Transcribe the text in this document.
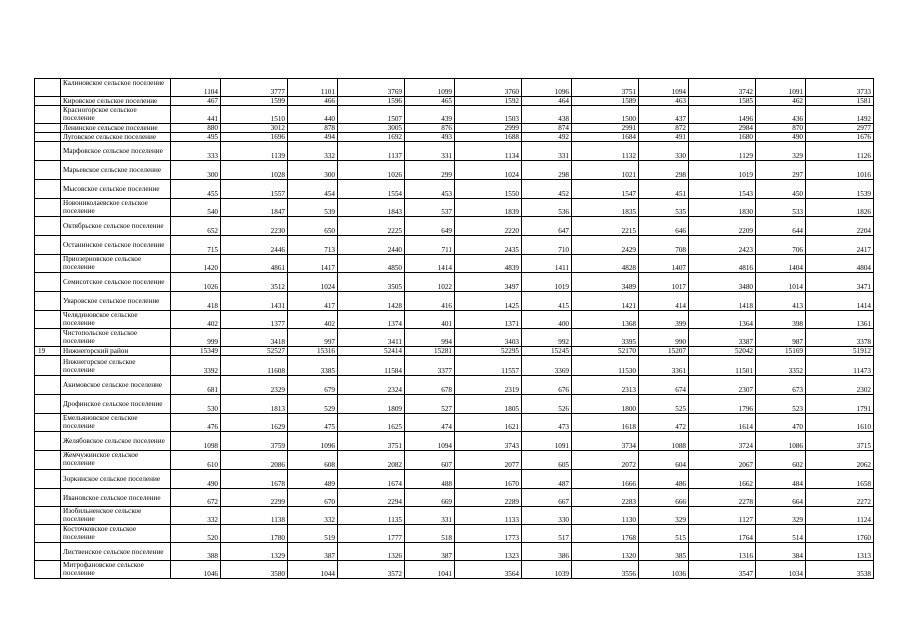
	Калиновское сельское поселение	1104	3777	1101	3769	1099	3760	1096	3751	1094	3742	1091	3733
	Кировское сельское поселение	467	1599	466	1596	465	1592	464	1589	463	1585	462	1581
	Красногорское сельское поселение	441	1510	440	1507	439	1503	438	1500	437	1496	436	1492
	Ленинское сельское поселение	880	3012	878	3005	876	2999	874	2991	872	2984	870	2977
	Луговское сельское поселение	495	1696	494	1692	493	1688	492	1684	491	1680	490	1676
	Марфовское сельское поселение	333	1139	332	1137	331	1134	331	1132	330	1129	329	1126
	Марьевское сельское поселение	300	1028	300	1026	299	1024	298	1021	298	1019	297	1016
	Мысовское сельское поселение	455	1557	454	1554	453	1550	452	1547	451	1543	450	1539
	Новониколаевское сельское поселение	540	1847	539	1843	537	1839	536	1835	535	1830	533	1826
	Октябрьское сельское поселение	652	2230	650	2225	649	2220	647	2215	646	2209	644	2204
	Останинское сельское поселение	715	2446	713	2440	711	2435	710	2429	708	2423	706	2417
	Приозерновское сельское поселение	1420	4861	1417	4850	1414	4839	1411	4828	1407	4816	1404	4804
	Семисотское сельское поселение	1026	3512	1024	3505	1022	3497	1019	3489	1017	3480	1014	3471
	Уваровское сельское поселение	418	1431	417	1428	416	1425	415	1421	414	1418	413	1414
	Челядиновское сельское поселение	402	1377	402	1374	401	1371	400	1368	399	1364	398	1361
	Чистопольское сельское поселение	999	3418	997	3411	994	3403	992	3395	990	3387	987	3378
19	Нижнегорский район	15349	52527	15316	52414	15281	52295	15245	52170	15207	52042	15169	51912
	Нижнегорское сельское поселение	3392	11608	3385	11584	3377	11557	3369	11530	3361	11501	3352	11473
	Акимовское сельское поселение	681	2329	679	2324	678	2319	676	2313	674	2307	673	2302
	Дрофинское сельское поселение	530	1813	529	1809	527	1805	526	1800	525	1796	523	1791
	Емельяновское сельское поселение	476	1629	475	1625	474	1621	473	1618	472	1614	470	1610
	Желябовское сельское поселение	1098	3759	1096	3751	1094	3743	1091	3734	1088	3724	1086	3715
	Жемчужинское сельское поселение	610	2086	608	2082	607	2077	605	2072	604	2067	602	2062
	Зоркинское сельское поселение	490	1678	489	1674	488	1670	487	1666	486	1662	484	1658
	Ивановское сельское поселение	672	2299	670	2294	669	2289	667	2283	666	2278	664	2272
	Изобильненское сельское поселение	332	1138	332	1135	331	1133	330	1130	329	1127	329	1124
	Косточковское сельское поселение	520	1780	519	1777	518	1773	517	1768	515	1764	514	1760
	Лиственское сельское поселение	388	1329	387	1326	387	1323	386	1320	385	1316	384	1313
	Митрофановское сельское поселение	1046	3580	1044	3572	1041	3564	1039	3556	1036	3547	1034	3538
